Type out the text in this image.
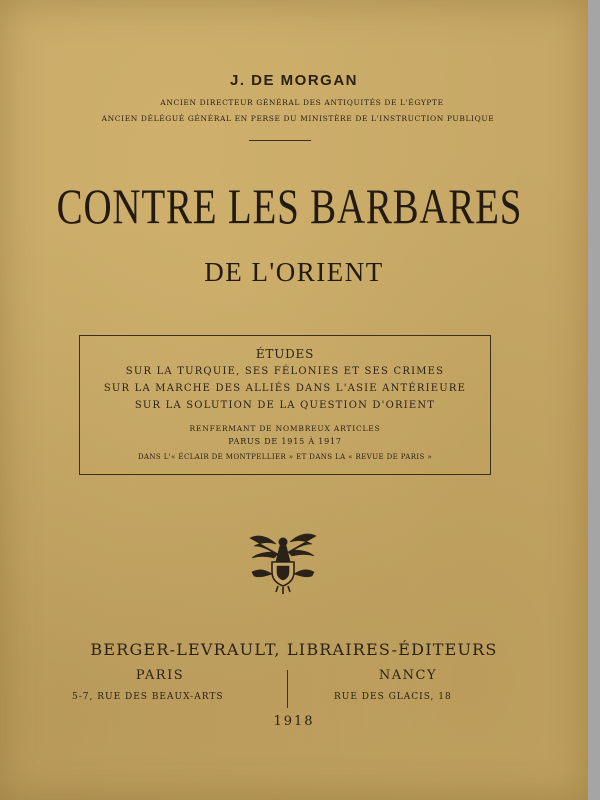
J. DE MORGAN
ANCIEN DIRECTEUR GÉNÉRAL DES ANTIQUITÉS DE L'ÉGYPTE
ANCIEN DÉLÉGUÉ GÉNÉRAL EN PERSE DU MINISTÈRE DE L'INSTRUCTION PUBLIQUE
CONTRE LES BARBARES
DE L'ORIENT
ÉTUDES
SUR LA TURQUIE, SES FÉLONIES ET SES CRIMES
SUR LA MARCHE DES ALLIÉS DANS L'ASIE ANTÉRIEURE
SUR LA SOLUTION DE LA QUESTION D'ORIENT
RENFERMANT DE NOMBREUX ARTICLES
PARUS DE 1915 À 1917
DANS L'« ÉCLAIR DE MONTPELLIER » ET DANS LA « REVUE DE PARIS »
BERGER-LEVRAULT, LIBRAIRES-ÉDITEURS
PARIS	NANCY
5-7, RUE DES BEAUX-ARTS	RUE DES GLACIS, 18
1918
